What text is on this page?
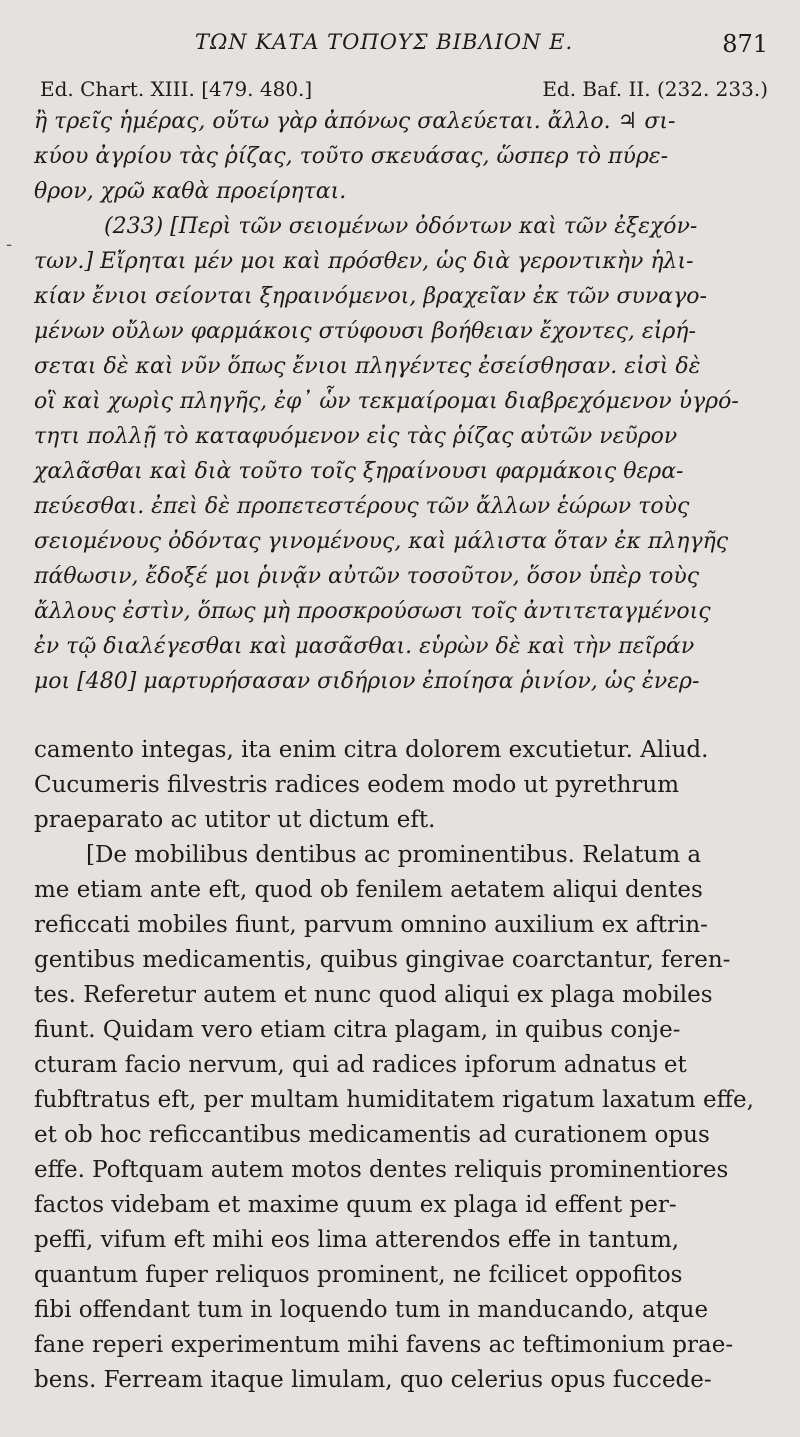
ΤΩΝ ΚΑΤΑ ΤΟΠΟΥΣ ΒΙΒΛΙΟΝ Ε.	871
Ed. Chart. XIII. [479. 480.]	Ed. Baf. II. (232. 233.)
-
ἢ τρεῖς ἡμέρας, οὕτω γὰρ ἀπόνως σαλεύεται. ἄλλο. ♃ σι-
κύου ἀγρίου τὰς ῥίζας, τοῦτο σκευάσας, ὥσπερ τὸ πύρε-
θρον, χρῶ καθὰ προείρηται.
(233) [Περὶ τῶν σειομένων ὀδόντων καὶ τῶν ἐξεχόν-
των.] Εἴρηται μέν μοι καὶ πρόσθεν, ὡς διὰ γεροντικὴν ἡλι-
κίαν ἔνιοι σείονται ξηραινόμενοι, βραχεῖαν ἐκ τῶν συναγο-
μένων οὔλων φαρμάκοις στύφουσι βοήθειαν ἔχοντες, εἰρή-
σεται δὲ καὶ νῦν ὅπως ἔνιοι πληγέντες ἐσείσθησαν. εἰσὶ δὲ
οἳ καὶ χωρὶς πληγῆς, ἐφ᾽ ὧν τεκμαίρομαι διαβρεχόμενον ὑγρό-
τητι πολλῇ τὸ καταφυόμενον εἰς τὰς ῥίζας αὐτῶν νεῦρον
χαλᾶσθαι καὶ διὰ τοῦτο τοῖς ξηραίνουσι φαρμάκοις θερα-
πεύεσθαι. ἐπεὶ δὲ προπετεστέρους τῶν ἄλλων ἑώρων τοὺς
σειομένους ὀδόντας γινομένους, καὶ μάλιστα ὅταν ἐκ πληγῆς
πάθωσιν, ἔδοξέ μοι ῥινᾷν αὐτῶν τοσοῦτον, ὅσον ὑπὲρ τοὺς
ἄλλους ἐστὶν, ὅπως μὴ προσκρούσωσι τοῖς ἀντιτεταγμένοις
ἐν τῷ διαλέγεσθαι καὶ μασᾶσθαι. εὑρὼν δὲ καὶ τὴν πεῖράν
μοι [480] μαρτυρήσασαν σιδήριον ἐποίησα ῥινίον, ὡς ἐνερ-
camento integas, ita enim citra dolorem excutietur. Aliud.
Cucumeris filvestris radices eodem modo ut pyrethrum
praeparato ac utitor ut dictum eft.
[De mobilibus dentibus ac prominentibus. Relatum a
me etiam ante eft, quod ob fenilem aetatem aliqui dentes
reficcati mobiles fiunt, parvum omnino auxilium ex aftrin-
gentibus medicamentis, quibus gingivae coarctantur, feren-
tes. Referetur autem et nunc quod aliqui ex plaga mobiles
fiunt. Quidam vero etiam citra plagam, in quibus conje-
cturam facio nervum, qui ad radices ipforum adnatus et
fubftratus eft, per multam humiditatem rigatum laxatum effe,
et ob hoc reficcantibus medicamentis ad curationem opus
effe. Poftquam autem motos dentes reliquis prominentiores
factos videbam et maxime quum ex plaga id effent per-
peffi, vifum eft mihi eos lima atterendos effe in tantum,
quantum fuper reliquos prominent, ne fcilicet oppofitos
fibi offendant tum in loquendo tum in manducando, atque
fane reperi experimentum mihi favens ac teftimonium prae-
bens. Ferream itaque limulam, quo celerius opus fuccede-
